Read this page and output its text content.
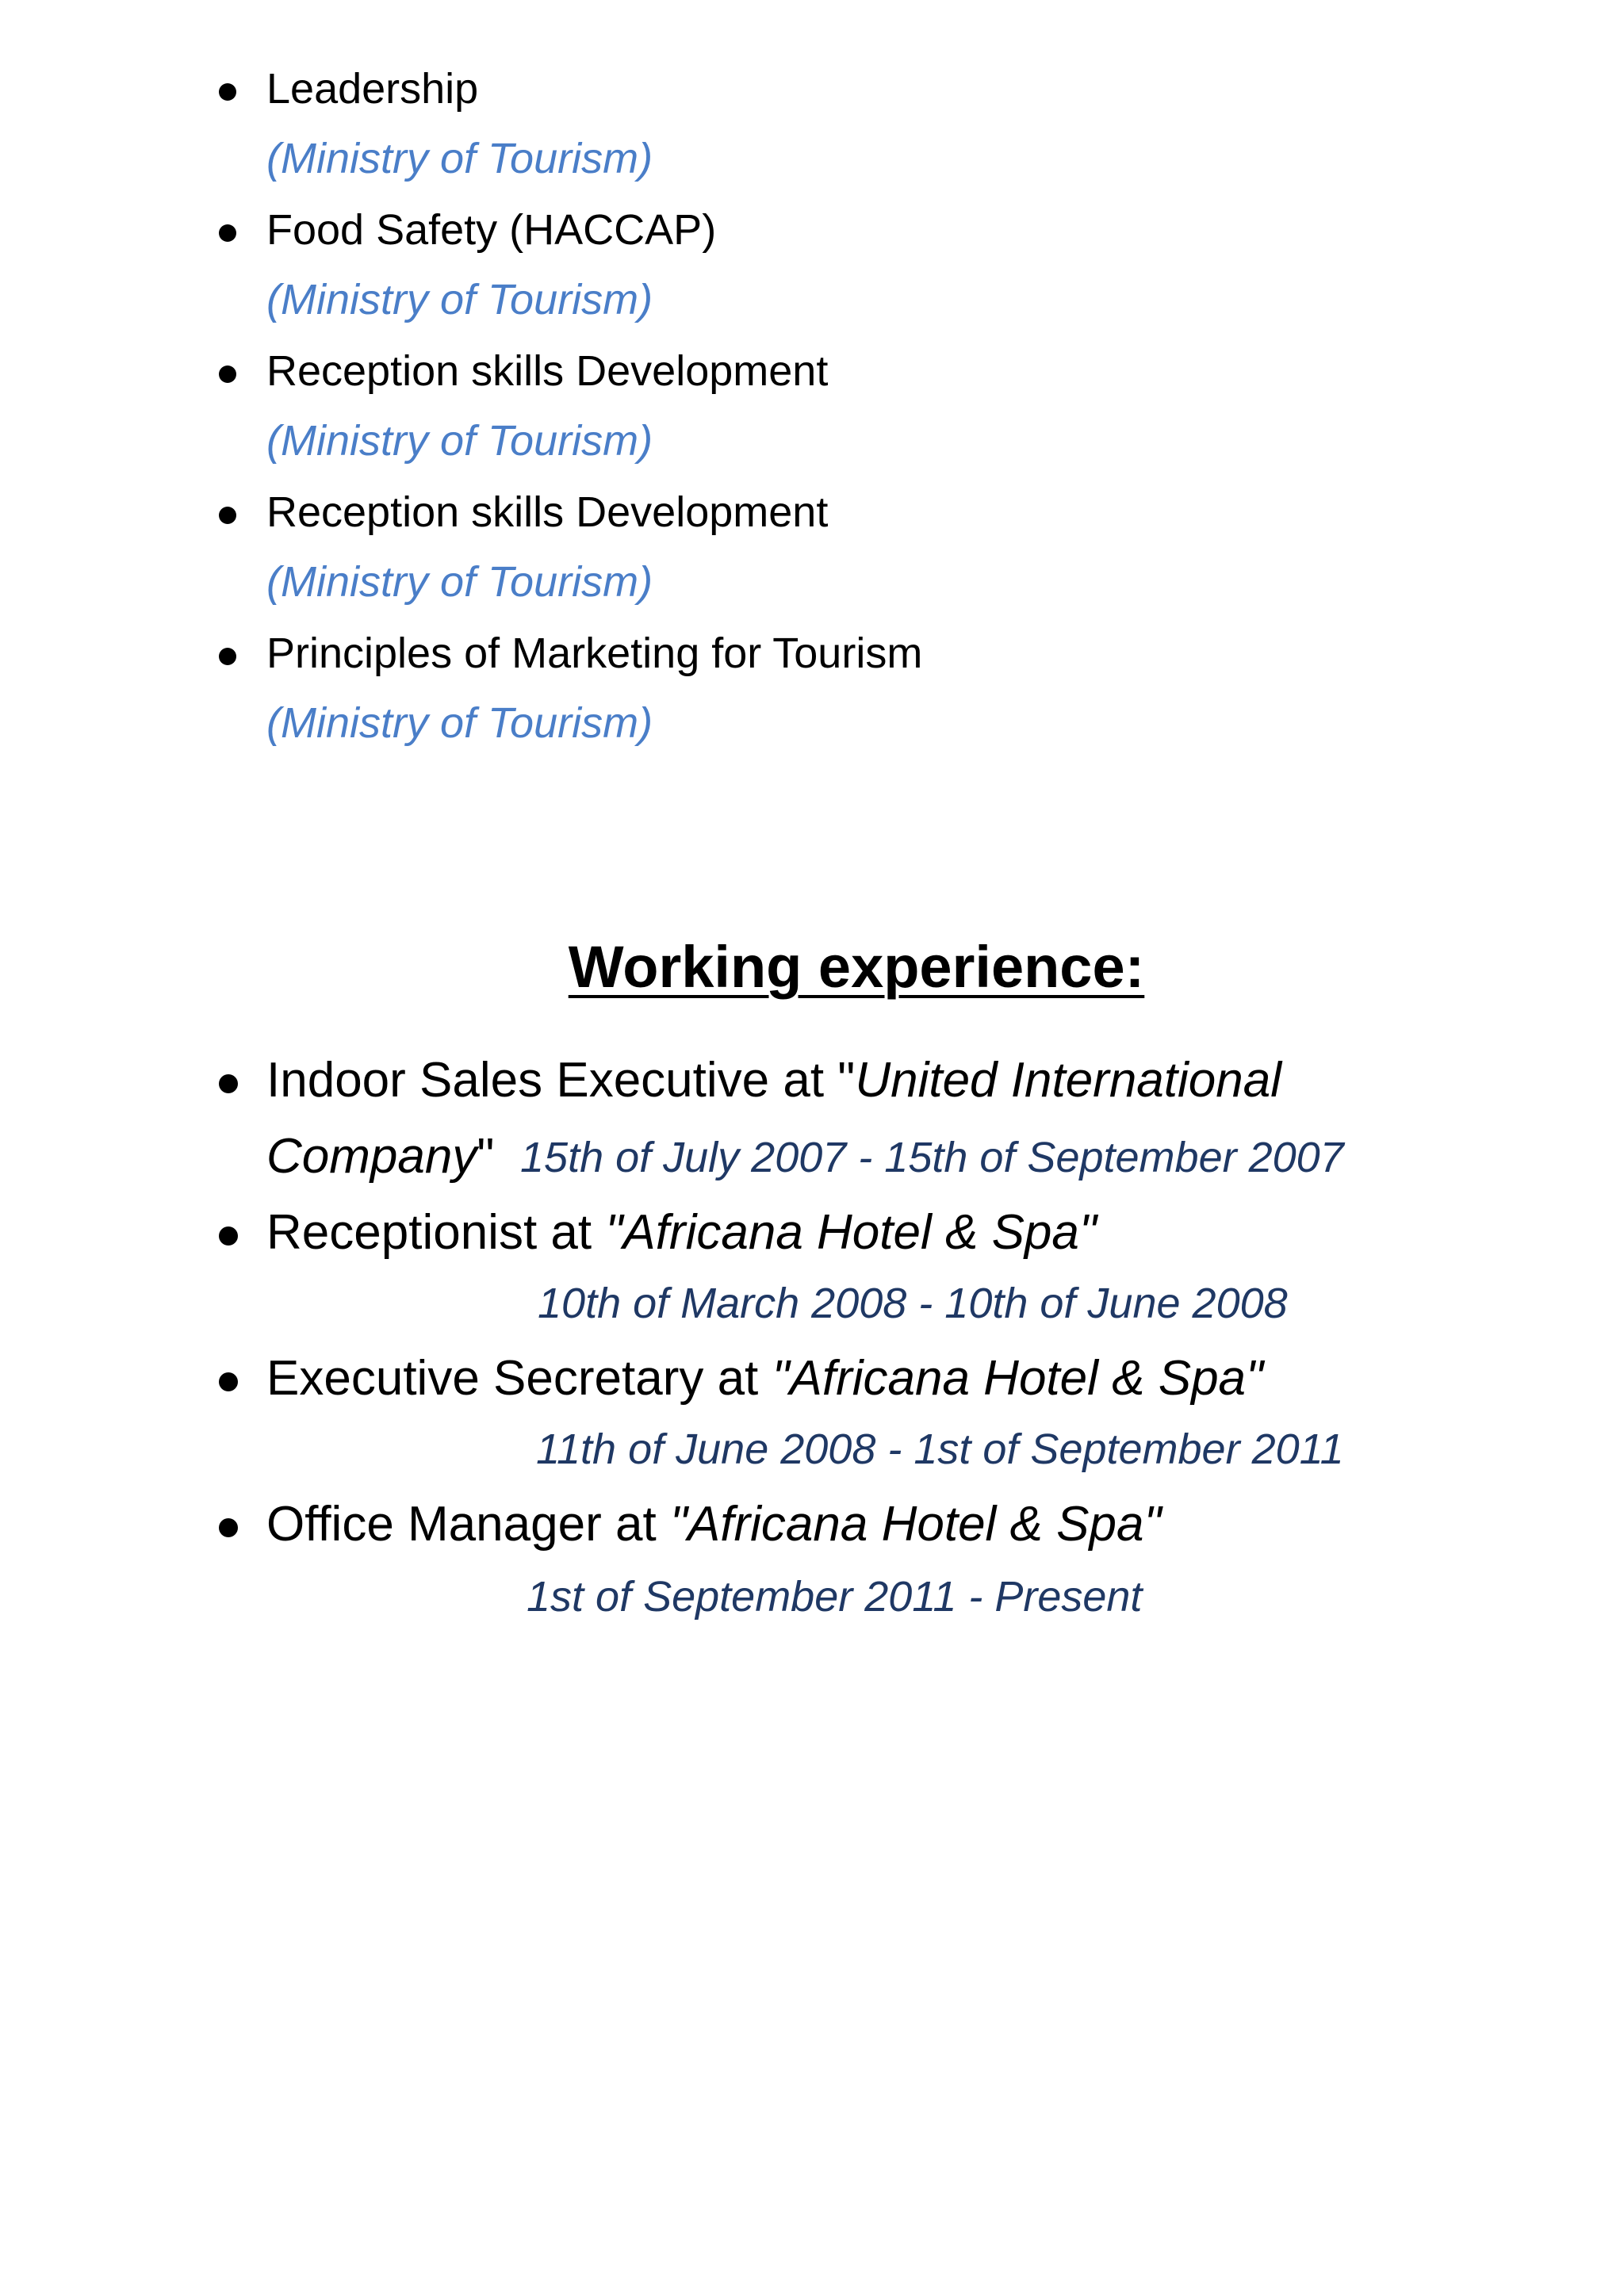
Leadership
(Ministry of Tourism)
Food Safety (HACCAP)
(Ministry of Tourism)
Reception skills Development
(Ministry of Tourism)
Reception skills Development
(Ministry of Tourism)
Principles of Marketing for Tourism
(Ministry of Tourism)
Working experience:
Indoor Sales Executive at "United International
Company" 15th of July 2007 - 15th of September 2007
Receptionist at "Africana Hotel & Spa"
10th of March 2008 - 10th of June 2008
Executive Secretary at "Africana Hotel & Spa"
11th of June 2008 - 1st of September 2011
Office Manager at "Africana Hotel & Spa"
1st of September 2011 - Present
